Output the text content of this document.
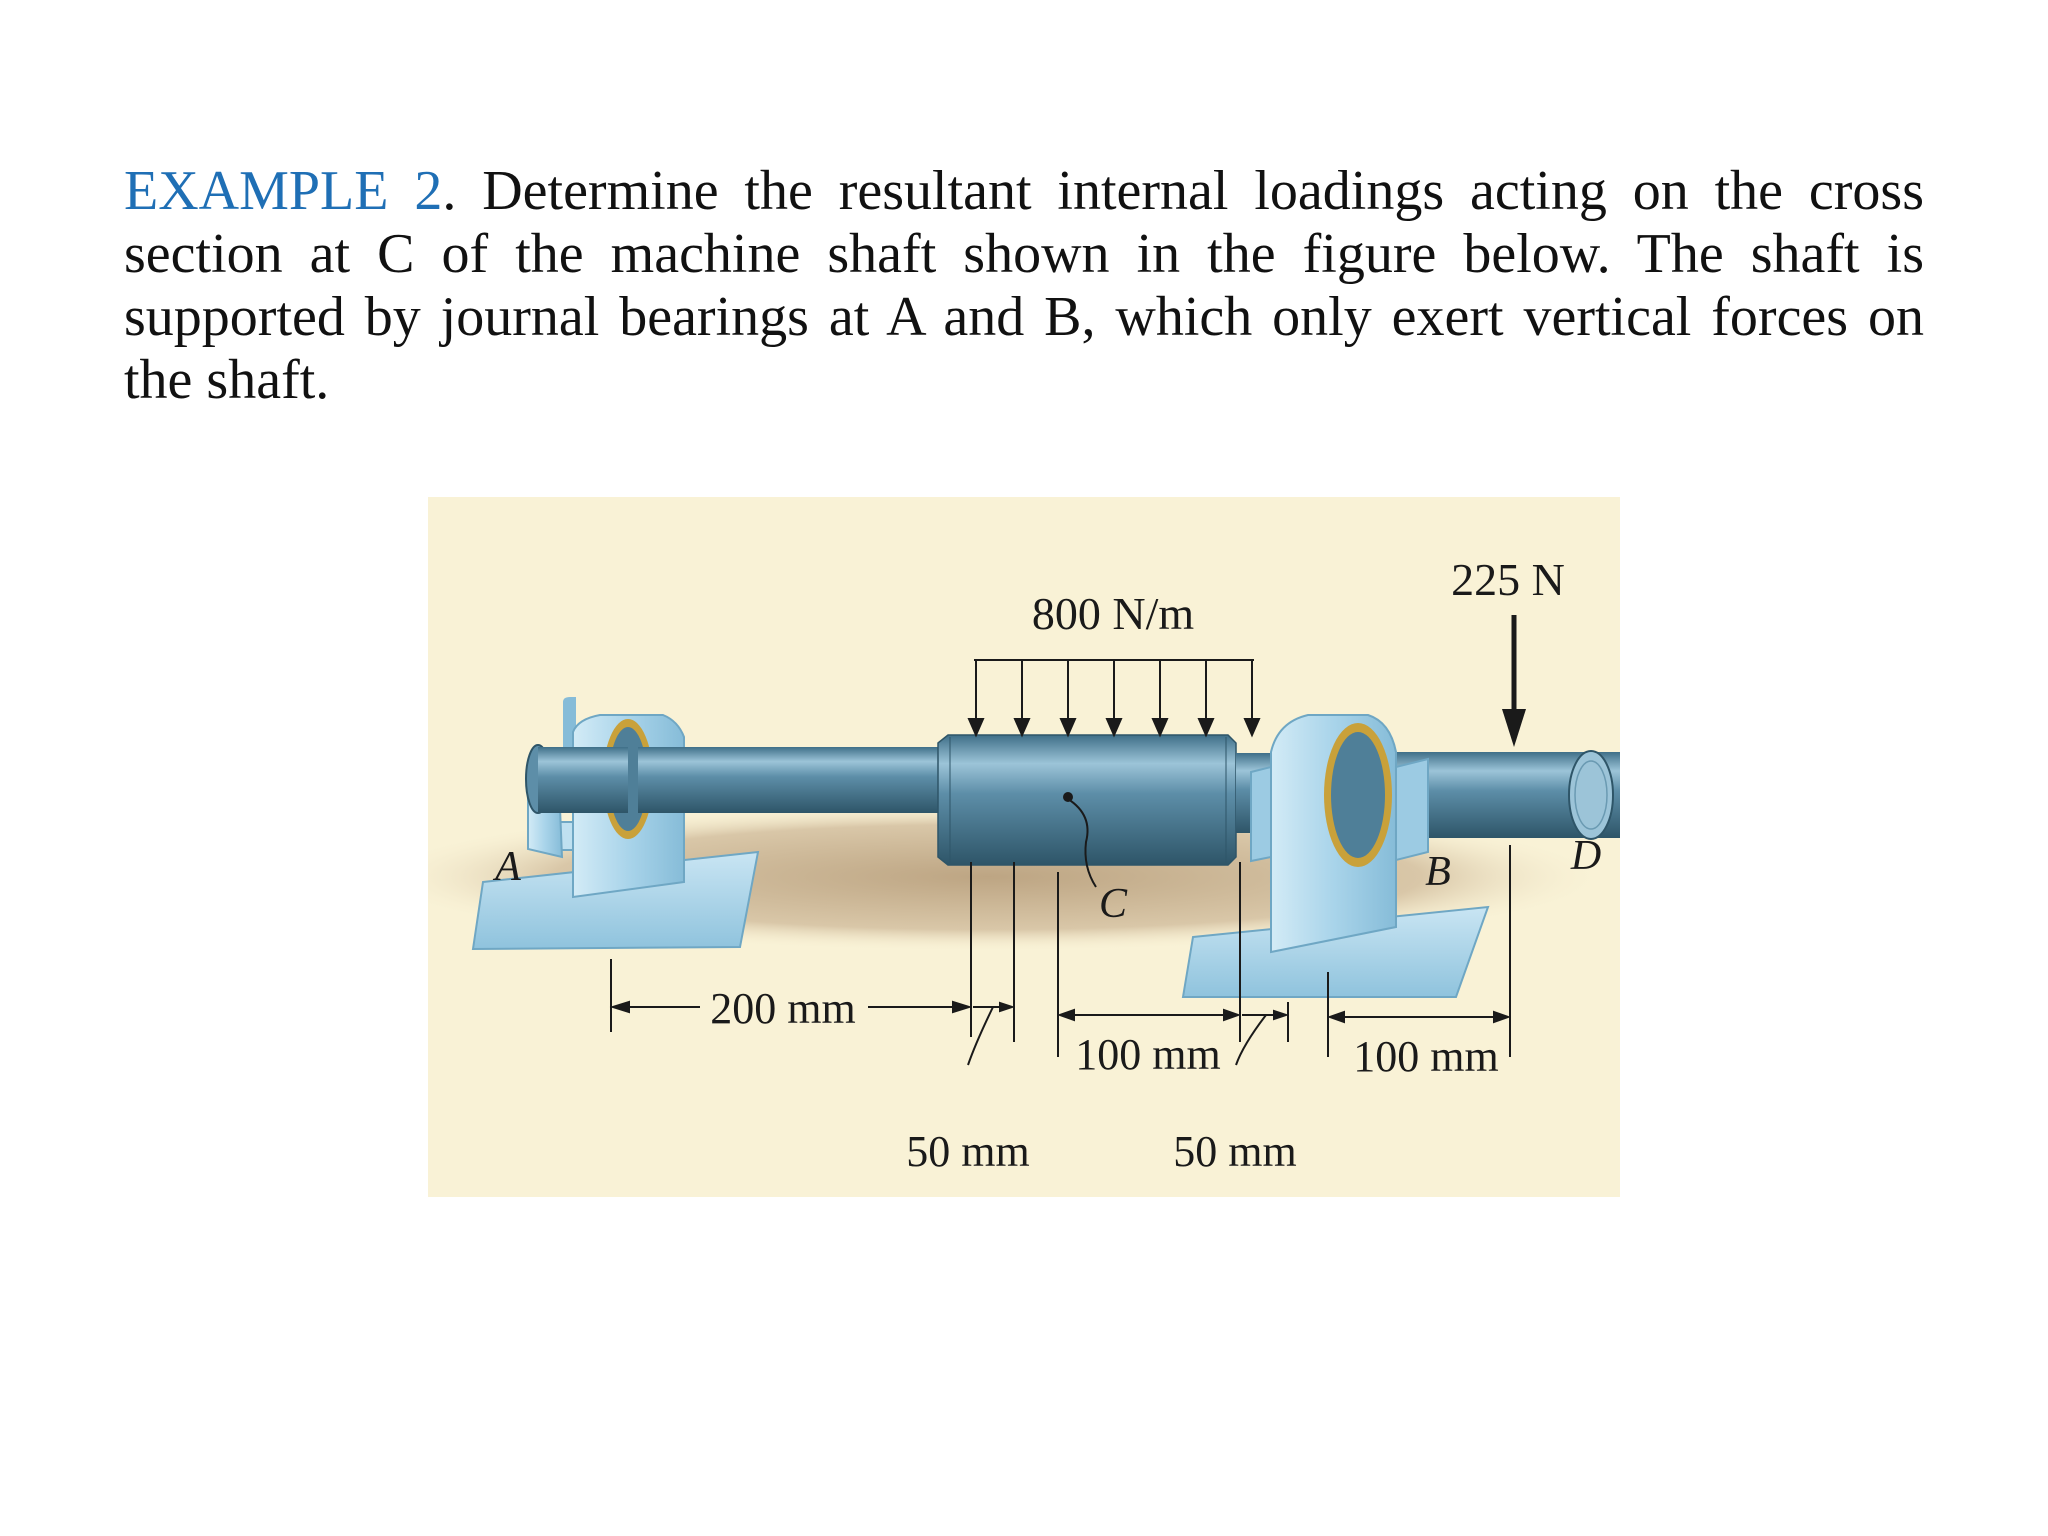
EXAMPLE 2. Determine the resultant internal loadings acting on the cross section at C of the machine shaft shown in the figure below. The shaft is supported by journal bearings at A and B, which only exert vertical forces on the shaft.

800 N/m
225 N
A
C
B	D
200 mm
100 mm	100 mm
50 mm	50 mm
